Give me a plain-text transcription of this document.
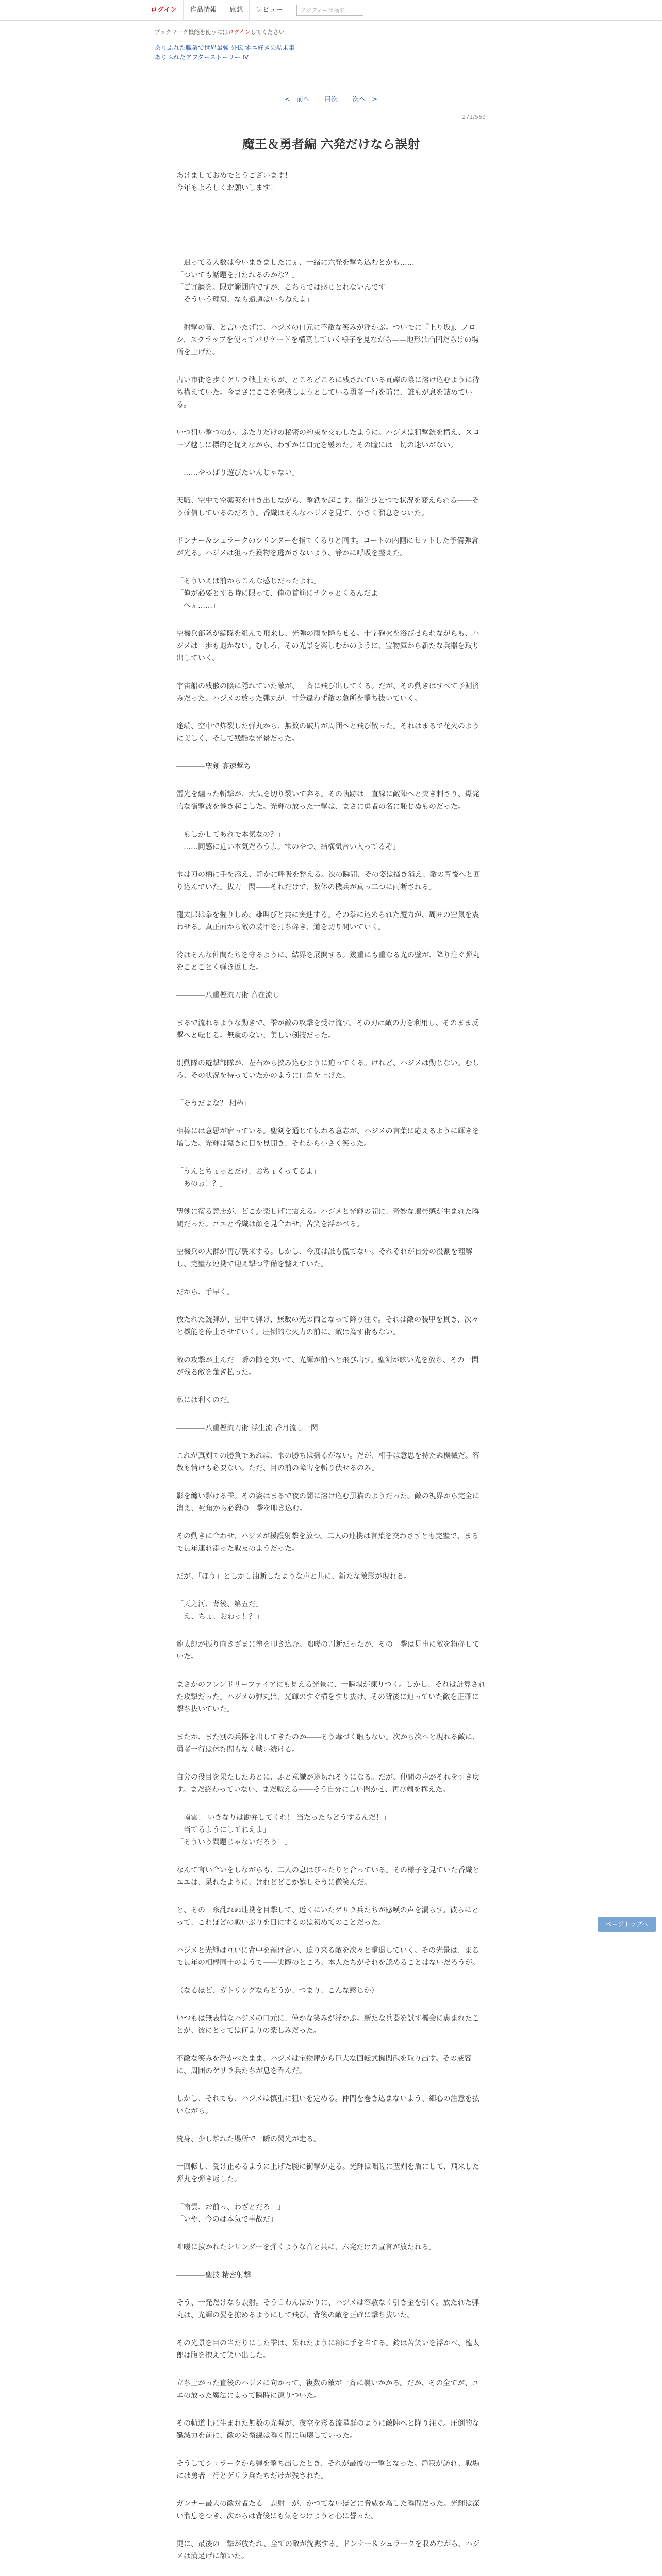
ログイン	作品情報	感想	レビュー	アジディーサ検索
ブックマーク機能を使うにはログインしてください。
ありふれた職業で世界最強 外伝 零ニ好きの詰末集
ありふれたアフターストーリー IV
< 前へ 目次 次へ >
271/569
魔王＆勇者編 六発だけなら誤射
あけましておめでとうございます！
今年もよろしくお願いします！

「追ってる人数は今いまきましたにぇ、一緒に六発を撃ち込むとかも……」
「ついても話題を打たれるのかな？」
「ご冗談を。限定範囲内ですが、こちらでは感じとれないんです」
「そういう理窟、なら遠慮はいらねえよ」

「射撃の音、と言いたげに、ハジメの口元に不敵な笑みが浮かぶ。ついでに『上り坂』、ノロシ、スクラップを使ってバリケードを構築していく様子を見ながら——地形は凸凹だらけの場所を上げた。

古い市街を歩くゲリラ戦士たちが、ところどころに残されている瓦礫の陰に溶け込むように待ち構えていた。今まさにここを突破しようとしている勇者一行を前に、誰もが息を詰めている。

いつ狙い撃つのか、ふたりだけの秘密の約束を交わしたように。ハジメは狙撃銃を構え、スコープ越しに標的を捉えながら、わずかに口元を緩めた。その瞳には一切の迷いがない。

「……やっぱり遊びたいんじゃない」

天職、空中で空薬莢を吐き出しながら、撃鉄を起こす。指先ひとつで状況を変えられる――そう確信しているのだろう。香織はそんなハジメを見て、小さく溜息をついた。

ドンナー＆シュラークのシリンダーを指でくるりと回す。コートの内側にセットした予備弾倉が光る。ハジメは狙った獲物を逃がさないよう、静かに呼吸を整えた。

「そういえば前からこんな感じだったよね」
「俺が必要とする時に限って、俺の首筋にチクッとくるんだよ」
「へぇ……」

空機兵部隊が編隊を組んで飛来し、光弾の雨を降らせる。十字砲火を浴びせられながらも、ハジメは一歩も退かない。むしろ、その光景を楽しむかのように、宝物庫から新たな兵器を取り出していく。

宇宙船の残骸の陰に隠れていた敵が、一斉に飛び出してくる。だが、その動きはすべて予測済みだった。ハジメの放った弾丸が、寸分違わず敵の急所を撃ち抜いていく。

途端、空中で炸裂した弾丸から、無数の破片が周囲へと飛び散った。それはまるで花火のように美しく、そして残酷な光景だった。

――――聖剣 高速撃ち

雷光を纏った斬撃が、大気を切り裂いて奔る。その軌跡は一直線に敵陣へと突き刺さり、爆発的な衝撃波を巻き起こした。光輝の放った一撃は、まさに勇者の名に恥じぬものだった。

「もしかしてあれで本気なの？」
「……同感に近い本気だろうよ。雫のやつ、結構気合い入ってるぞ」

雫は刀の柄に手を添え、静かに呼吸を整える。次の瞬間、その姿は掻き消え、敵の背後へと回り込んでいた。抜刀一閃――それだけで、数体の機兵が真っ二つに両断される。

龍太郎は拳を握りしめ、雄叫びと共に突進する。その拳に込められた魔力が、周囲の空気を震わせる。真正面から敵の装甲を打ち砕き、道を切り開いていく。

鈴はそんな仲間たちを守るように、結界を展開する。幾重にも重なる光の壁が、降り注ぐ弾丸をことごとく弾き返した。

――――八重樫流刀術 音在流し

まるで流れるような動きで、雫が敵の攻撃を受け流す。その刃は敵の力を利用し、そのまま反撃へと転じる。無駄のない、美しい剣技だった。

別動隊の遊撃部隊が、左右から挟み込むように迫ってくる。けれど、ハジメは動じない。むしろ、その状況を待っていたかのように口角を上げた。

「そうだよな？ 相棒」

相棒には意思が宿っている。聖剣を通じて伝わる意志が、ハジメの言葉に応えるように輝きを増した。光輝は驚きに目を見開き、それから小さく笑った。

「うんとちょっとだけ、おちょくってるよ」
「あのぉ！？」

聖剣に宿る意志が、どこか楽しげに震える。ハジメと光輝の間に、奇妙な連帯感が生まれた瞬間だった。ユエと香織は顔を見合わせ、苦笑を浮かべる。

空機兵の大群が再び襲来する。しかし、今度は誰も慌てない。それぞれが自分の役割を理解し、完璧な連携で迎え撃つ準備を整えていた。

だから、手早く。

放たれた銃弾が、空中で弾け、無数の光の雨となって降り注ぐ。それは敵の装甲を貫き、次々と機能を停止させていく。圧倒的な火力の前に、敵は為す術もない。

敵の攻撃が止んだ一瞬の隙を突いて、光輝が前へと飛び出す。聖剣が眩い光を放ち、その一閃が残る敵を薙ぎ払った。

私には利くのだ。

――――八重樫流刀術 浮生流 香月流し一閃

これが真剣での勝負であれば、雫の勝ちは揺るがない。だが、相手は意思を持たぬ機械だ。容赦も情けも必要ない。ただ、目の前の障害を斬り伏せるのみ。

影を纏い駆ける雫。その姿はまるで夜の闇に溶け込む黒猫のようだった。敵の視界から完全に消え、死角から必殺の一撃を叩き込む。

その動きに合わせ、ハジメが援護射撃を放つ。二人の連携は言葉を交わさずとも完璧で、まるで長年連れ添った戦友のようだった。

だが、「ほう」としかし油断したような声と共に、新たな敵影が現れる。

「天之河、背後、第五だ」
「え、ちょ、おわっ！？」

龍太郎が振り向きざまに拳を叩き込む。咄嗟の判断だったが、その一撃は見事に敵を粉砕していた。

まさかのフレンドリーファイアにも見える光景に、一瞬場が凍りつく。しかし、それは計算された攻撃だった。ハジメの弾丸は、光輝のすぐ横をすり抜け、その背後に迫っていた敵を正確に撃ち抜いていた。

またか、また別の兵器を出してきたのか――そう毒づく暇もない。次から次へと現れる敵に、勇者一行は休む間もなく戦い続ける。

自分の役目を果たしたあとに、ふと意識が途切れそうになる。だが、仲間の声がそれを引き戻す。まだ終わっていない、まだ戦える――そう自分に言い聞かせ、再び剣を構えた。

「南雲！ いきなりは勘弁してくれ！ 当たったらどうするんだ！」
「当てるようにしてねえよ」
「そういう問題じゃないだろう！」

なんて言い合いをしながらも、二人の息はぴったりと合っている。その様子を見ていた香織とユエは、呆れたように、けれどどこか嬉しそうに微笑んだ。

と、その一糸乱れぬ連携を目撃して、近くにいたゲリラ兵たちが感嘆の声を漏らす。彼らにとって、これほどの戦いぶりを目にするのは初めてのことだった。

ハジメと光輝は互いに背中を預け合い、迫り来る敵を次々と撃退していく。その光景は、まるで長年の相棒同士のようで――実際のところ、本人たちがそれを認めることはないだろうが。

（なるほど、ガトリングならどうか、つまり、こんな感じか）

いつもは無表情なハジメの口元に、僅かな笑みが浮かぶ。新たな兵器を試す機会に恵まれたことが、彼にとっては何よりの楽しみだった。

不敵な笑みを浮かべたまま、ハジメは宝物庫から巨大な回転式機関砲を取り出す。その威容に、周囲のゲリラ兵たちが息を呑んだ。

しかし、それでも、ハジメは慎重に狙いを定める。仲間を巻き込まないよう、細心の注意を払いながら。

銃身、少し離れた場所で一瞬の閃光が走る。

一回転し、受け止めるように上げた腕に衝撃が走る。光輝は咄嗟に聖剣を盾にして、飛来した弾丸を弾き返した。

「南雲、お前っ、わざとだろ！」
「いや、今のは本気で事故だ」

咄嗟に抜かれたシリンダーを弾くような音と共に、六発だけの宣言が放たれる。

――――聖技 精密射撃

そう、一発だけなら誤射。そう言わんばかりに、ハジメは容赦なく引き金を引く。放たれた弾丸は、光輝の髪を掠めるようにして飛び、背後の敵を正確に撃ち抜いた。

その光景を目の当たりにした雫は、呆れたように額に手を当てる。鈴は苦笑いを浮かべ、龍太郎は腹を抱えて笑い出した。

立ち上がった直後のハジメに向かって、複数の敵が一斉に襲いかかる。だが、その全てが、ユエの放った魔法によって瞬時に凍りついた。

その軌道上に生まれた無数の光弾が、夜空を彩る流星群のように敵陣へと降り注ぐ。圧倒的な殲滅力を前に、敵の防衛線は瞬く間に崩壊していった。

そうしてシュラークから弾を撃ち出したとき、それが最後の一撃となった。静寂が訪れ、戦場には勇者一行とゲリラ兵たちだけが残された。

ガンナー最大の敵対者たる「誤射」が、かつてないほどに脅威を増した瞬間だった。光輝は深い溜息をつき、次からは背後にも気をつけようと心に誓った。

更に、最後の一撃が放たれ、全ての敵が沈黙する。ドンナー＆シュラークを収めながら、ハジメは満足げに頷いた。

ページトップへ
